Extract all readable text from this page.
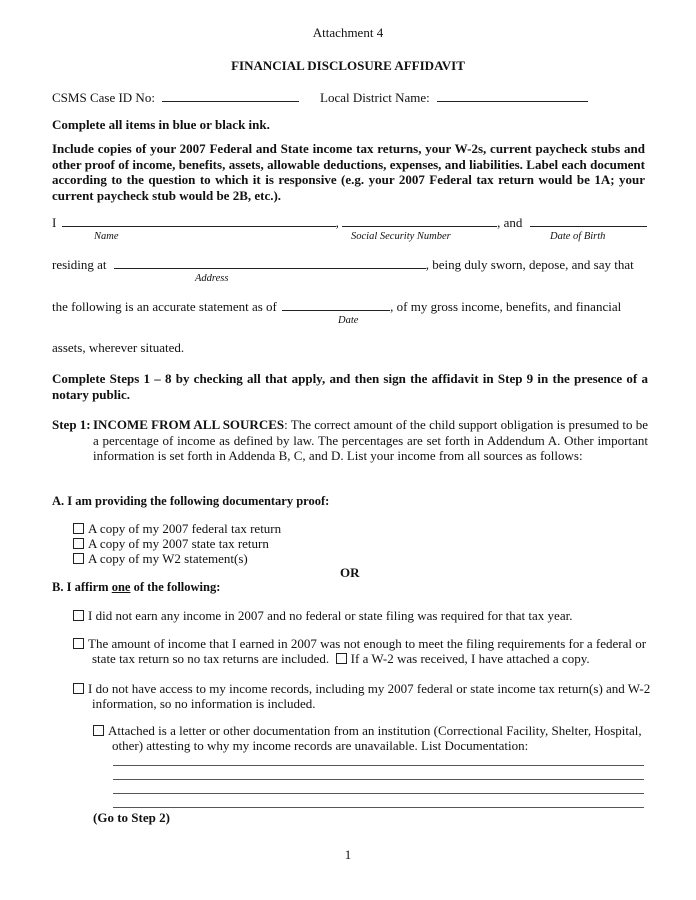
Attachment 4
FINANCIAL DISCLOSURE AFFIDAVIT
CSMS Case ID No:	Local District Name:
Complete all items in blue or black ink.
Include copies of your 2007 Federal and State income tax returns, your W-2s, current paycheck stubs and other proof of income, benefits, assets, allowable deductions, expenses, and liabilities. Label each document according to the question to which it is responsive (e.g. your 2007 Federal tax return would be 1A; your current paycheck stub would be 2B, etc.).
I	,	, and
Name	Social Security Number	Date of Birth
residing at	, being duly sworn, depose, and say that
Address
the following is an accurate statement as of	, of my gross income, benefits, and financial
Date
assets, wherever situated.
Complete Steps 1 – 8 by checking all that apply, and then sign the affidavit in Step 9 in the presence of a notary public.
Step 1: INCOME FROM ALL SOURCES: The correct amount of the child support obligation is presumed to be a percentage of income as defined by law. The percentages are set forth in Addendum A. Other important information is set forth in Addenda B, C, and D. List your income from all sources as follows:
A. I am providing the following documentary proof:
A copy of my 2007 federal tax return
A copy of my 2007 state tax return
A copy of my W2 statement(s)
OR
B. I affirm one of the following:
I did not earn any income in 2007 and no federal or state filing was required for that tax year.
The amount of income that I earned in 2007 was not enough to meet the filing requirements for a federal or
state tax return so no tax returns are included. If a W-2 was received, I have attached a copy.
I do not have access to my income records, including my 2007 federal or state income tax return(s) and W-2
information, so no information is included.
Attached is a letter or other documentation from an institution (Correctional Facility, Shelter, Hospital,
other) attesting to why my income records are unavailable. List Documentation:
(Go to Step 2)
1
